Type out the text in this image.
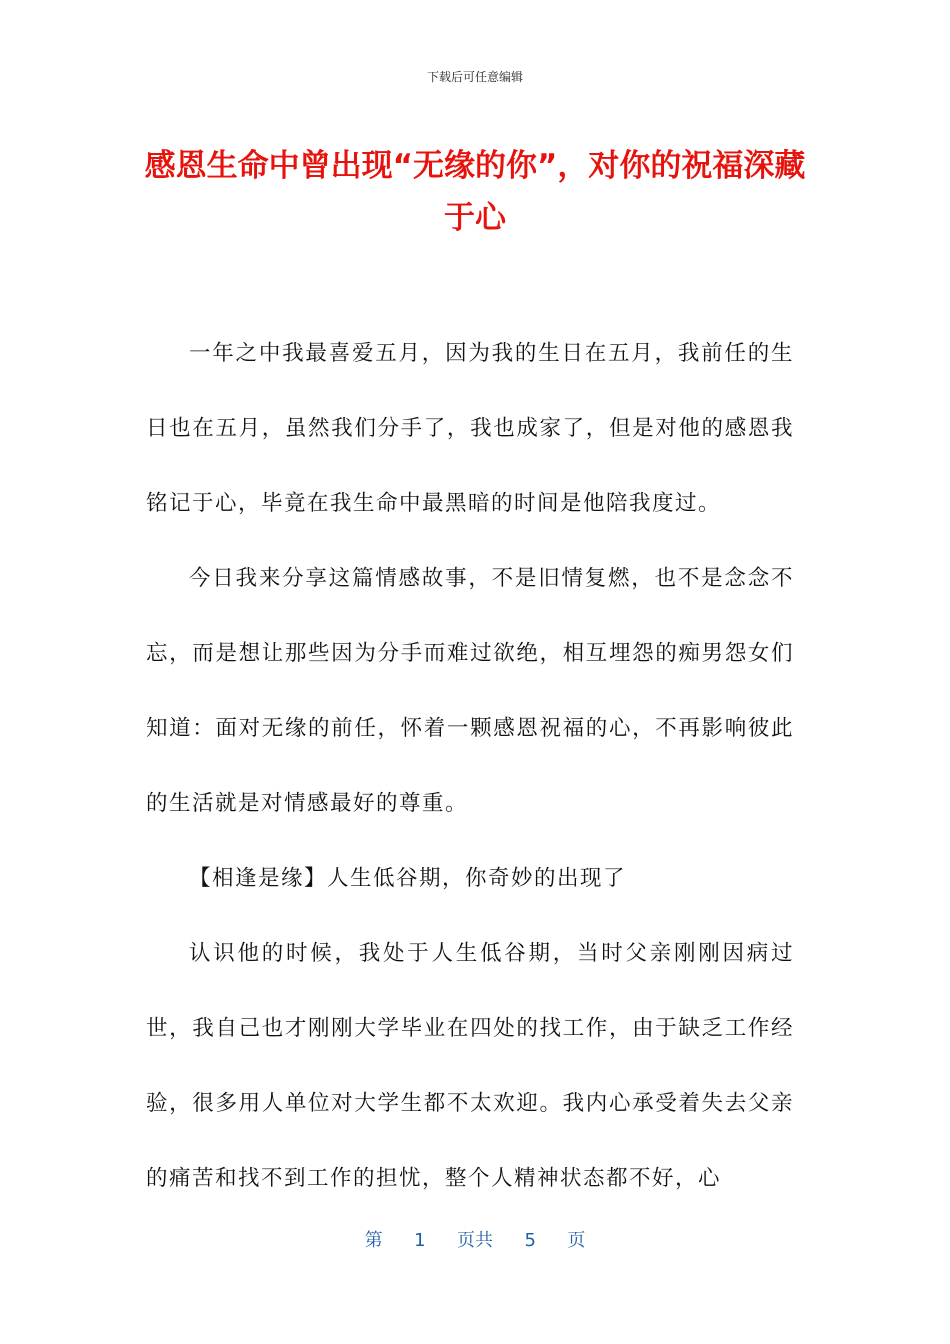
下载后可任意编辑
感恩生命中曾出现“无缘的你”，对你的祝福深藏于心

一年之中我最喜爱五月，因为我的生日在五月，我前任的生日也在五月，虽然我们分手了，我也成家了，但是对他的感恩我铭记于心，毕竟在我生命中最黑暗的时间是他陪我度过。

今日我来分享这篇情感故事，不是旧情复燃，也不是念念不忘，而是想让那些因为分手而难过欲绝，相互埋怨的痴男怨女们知道：面对无缘的前任，怀着一颗感恩祝福的心，不再影响彼此的生活就是对情感最好的尊重。

【相逢是缘】人生低谷期，你奇妙的出现了

认识他的时候，我处于人生低谷期，当时父亲刚刚因病过世，我自己也才刚刚大学毕业在四处的找工作，由于缺乏工作经验，很多用人单位对大学生都不太欢迎。我内心承受着失去父亲的痛苦和找不到工作的担忧，整个人精神状态都不好，心

第 1 页共 5 页
